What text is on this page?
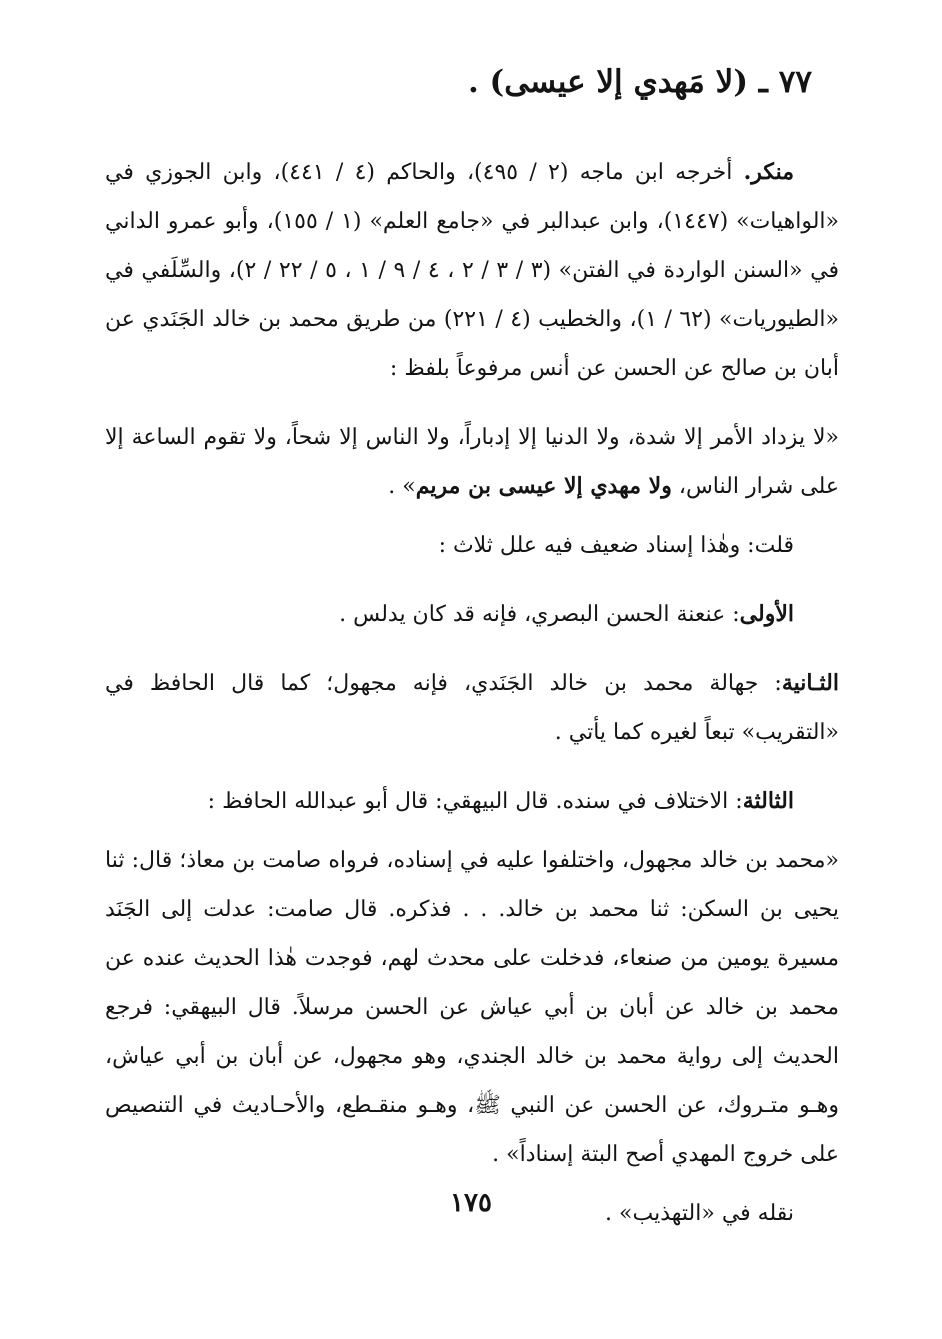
٧٧ ـ (لا مَهدي إلا عيسى) .

منكر. أخرجه ابن ماجه (٢ / ٤٩٥)، والحاكم (٤ / ٤٤١)، وابن الجوزي في «الواهيات» (١٤٤٧)، وابن عبدالبر في «جامع العلم» (١ / ١٥٥)، وأبو عمرو الداني في «السنن الواردة في الفتن» (٣ / ٣ / ٢ ، ٤ / ٩ / ١ ، ٥ / ٢٢ / ٢)، والسِّلَفي في «الطيوريات» (٦٢ / ١)، والخطيب (٤ / ٢٢١) من طريق محمد بن خالد الجَنَدي عن أبان بن صالح عن الحسن عن أنس مرفوعاً بلفظ :

«لا يزداد الأمر إلا شدة، ولا الدنيا إلا إدباراً، ولا الناس إلا شحاً، ولا تقوم الساعة إلا على شرار الناس، ولا مهدي إلا عيسى بن مريم» .

قلت: وهٰذا إسناد ضعيف فيه علل ثلاث :

الأولى: عنعنة الحسن البصري، فإنه قد كان يدلس .

الثـانية: جهالة محمد بن خالد الجَنَدي، فإنه مجهول؛ كما قال الحافظ في «التقريب» تبعاً لغيره كما يأتي .

الثالثة: الاختلاف في سنده. قال البيهقي: قال أبو عبدالله الحافظ :

«محمد بن خالد مجهول، واختلفوا عليه في إسناده، فرواه صامت بن معاذ؛ قال: ثنا يحيى بن السكن: ثنا محمد بن خالد. . . فذكره. قال صامت: عدلت إلى الجَنَد مسيرة يومين من صنعاء، فدخلت على محدث لهم، فوجدت هٰذا الحديث عنده عن محمد بن خالد عن أبان بن أبي عياش عن الحسن مرسلاً. قال البيهقي: فرجع الحديث إلى رواية محمد بن خالد الجندي، وهو مجهول، عن أبان بن أبي عياش، وهـو متـروك، عن الحسن عن النبي ﷺ، وهـو منقـطع، والأحـاديث في التنصيص على خروج المهدي أصح البتة إسناداً» .

نقله في «التهذيب» .

١٧٥
